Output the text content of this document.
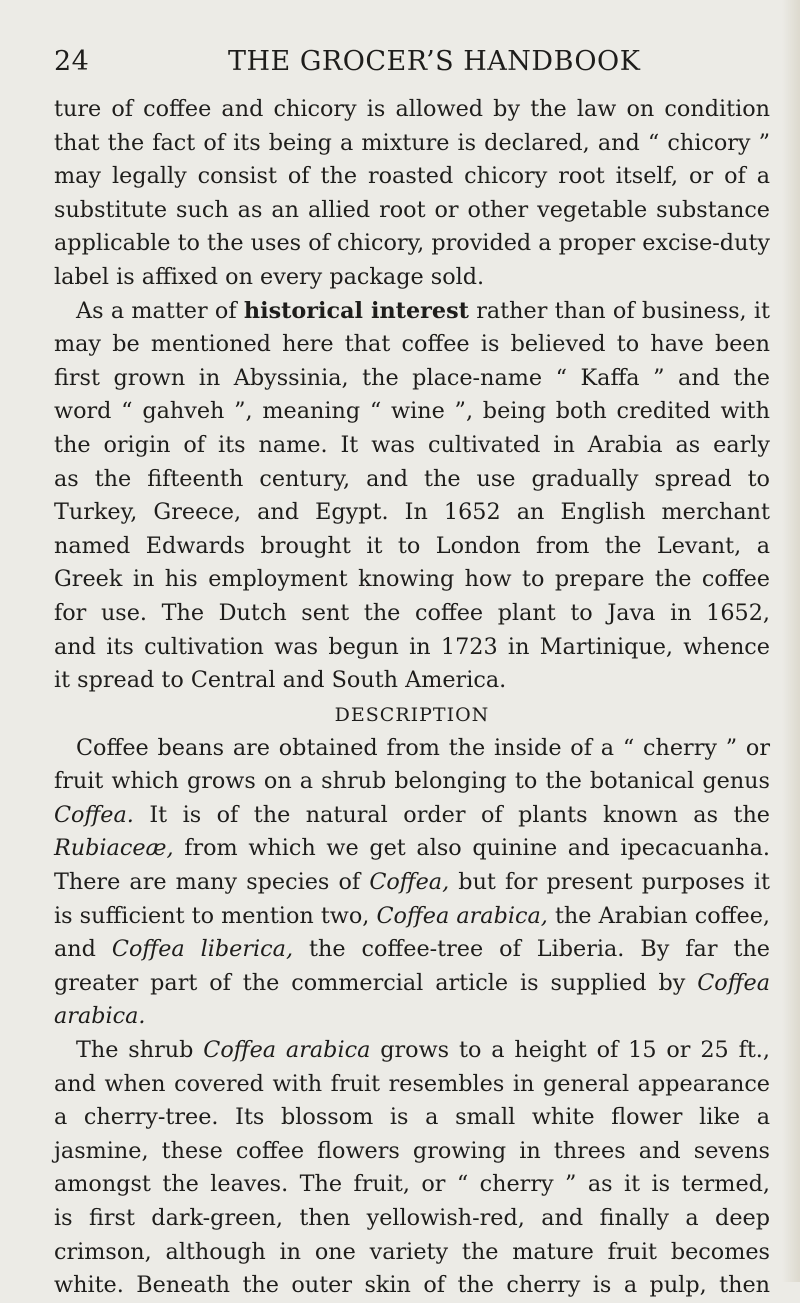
24	THE GROCER’S HANDBOOK

ture of coffee and chicory is allowed by the law on condition
that the fact of its being a mixture is declared, and “ chicory ”
may legally consist of the roasted chicory root itself, or of a
substitute such as an allied root or other vegetable substance
applicable to the uses of chicory, provided a proper excise-duty
label is affixed on every package sold.

As a matter of historical interest rather than of business, it
may be mentioned here that coffee is believed to have been
first grown in Abyssinia, the place-name “ Kaffa ” and the
word “ gahveh ”, meaning “ wine ”, being both credited with
the origin of its name. It was cultivated in Arabia as early
as the fifteenth century, and the use gradually spread to
Turkey, Greece, and Egypt. In 1652 an English merchant
named Edwards brought it to London from the Levant, a
Greek in his employment knowing how to prepare the coffee
for use. The Dutch sent the coffee plant to Java in 1652,
and its cultivation was begun in 1723 in Martinique, whence
it spread to Central and South America.

DESCRIPTION

Coffee beans are obtained from the inside of a “ cherry ” or
fruit which grows on a shrub belonging to the botanical genus
Coffea. It is of the natural order of plants known as the
Rubiaceæ, from which we get also quinine and ipecacuanha.
There are many species of Coffea, but for present purposes it
is sufficient to mention two, Coffea arabica, the Arabian coffee,
and Coffea liberica, the coffee-tree of Liberia. By far the
greater part of the commercial article is supplied by Coffea
arabica.

The shrub Coffea arabica grows to a height of 15 or 25 ft.,
and when covered with fruit resembles in general appearance
a cherry-tree. Its blossom is a small white flower like a
jasmine, these coffee flowers growing in threes and sevens
amongst the leaves. The fruit, or “ cherry ” as it is termed,
is first dark-green, then yellowish-red, and finally a deep
crimson, although in one variety the mature fruit becomes
white. Beneath the outer skin of the cherry is a pulp, then
